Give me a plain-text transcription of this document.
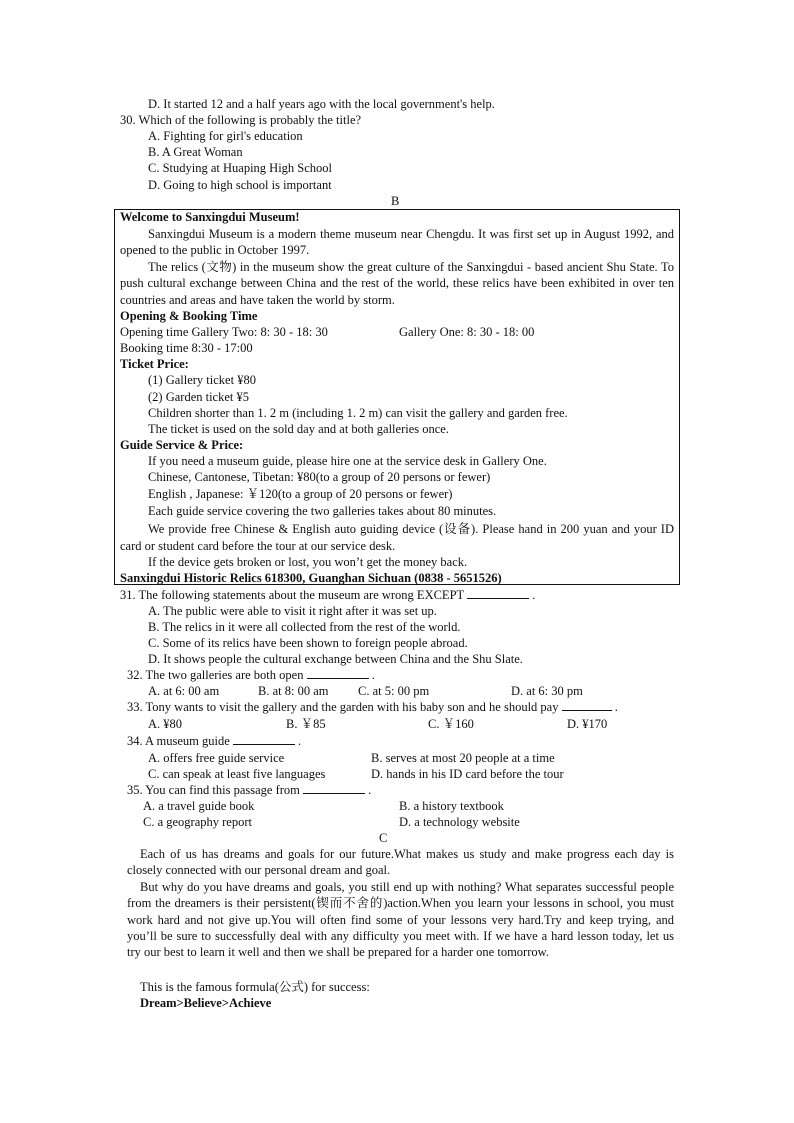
D. It started 12 and a half years ago with the local government's help.
30. Which of the following is probably the title?
A. Fighting for girl's education
B. A Great Woman
C. Studying at Huaping High School
D. Going to high school is important
B
Welcome to Sanxingdui Museum!
Sanxingdui Museum is a modern theme museum near Chengdu. It was first set up in August 1992, and opened to the public in October 1997.
The relics (文物) in the museum show the great culture of the Sanxingdui - based ancient Shu State. To push cultural exchange between China and the rest of the world, these relics have been exhibited in over ten countries and areas and have taken the world by storm.
Opening & Booking Time
Opening time Gallery Two: 8: 30 - 18: 30	Gallery One: 8: 30 - 18: 00
Booking time 8:30 - 17:00
Ticket Price:
(1) Gallery ticket ¥80
(2) Garden ticket ¥5
Children shorter than 1. 2 m (including 1. 2 m) can visit the gallery and garden free.
The ticket is used on the sold day and at both galleries once.
Guide Service & Price:
If you need a museum guide, please hire one at the service desk in Gallery One.
Chinese, Cantonese, Tibetan: ¥80(to a group of 20 persons or fewer)
English , Japanese: ￥120(to a group of 20 persons or fewer)
Each guide service covering the two galleries takes about 80 minutes.
We provide free Chinese & English auto guiding device (设备). Please hand in 200 yuan and your ID card or student card before the tour at our service desk.
If the device gets broken or lost, you won’t get the money back.
Sanxingdui Historic Relics 618300, Guanghan Sichuan (0838 - 5651526)
31. The following statements about the museum are wrong EXCEPT	.
A. The public were able to visit it right after it was set up.
B. The relics in it were all collected from the rest of the world.
C. Some of its relics have been shown to foreign people abroad.
D. It shows people the cultural exchange between China and the Shu Slate.
32. The two galleries are both open	.
A. at 6: 00 am	B. at 8: 00 am C. at 5: 00 pm	D. at 6: 30 pm
33. Tony wants to visit the gallery and the garden with his baby son and he should pay	.
A. ¥80	B. ￥85	C. ￥160	D. ¥170
34. A museum guide	.
A. offers free guide service	B. serves at most 20 people at a time
C. can speak at least five languages	D. hands in his ID card before the tour
35. You can find this passage from	.
A. a travel guide book	B. a history textbook
C. a geography report	D. a technology website
C
Each of us has dreams and goals for our future.What makes us study and make progress each day is closely connected with our personal dream and goal.
But why do you have dreams and goals, you still end up with nothing? What separates successful people from the dreamers is their persistent(锲而不舍的)action.When you learn your lessons in school, you must work hard and not give up.You will often find some of your lessons very hard.Try and keep trying, and you’ll be sure to successfully deal with any difficulty you meet with. If we have a hard lesson today, let us try our best to learn it well and then we shall be prepared for a harder one tomorrow.
This is the famous formula(公式) for success:
Dream>Believe>Achieve
